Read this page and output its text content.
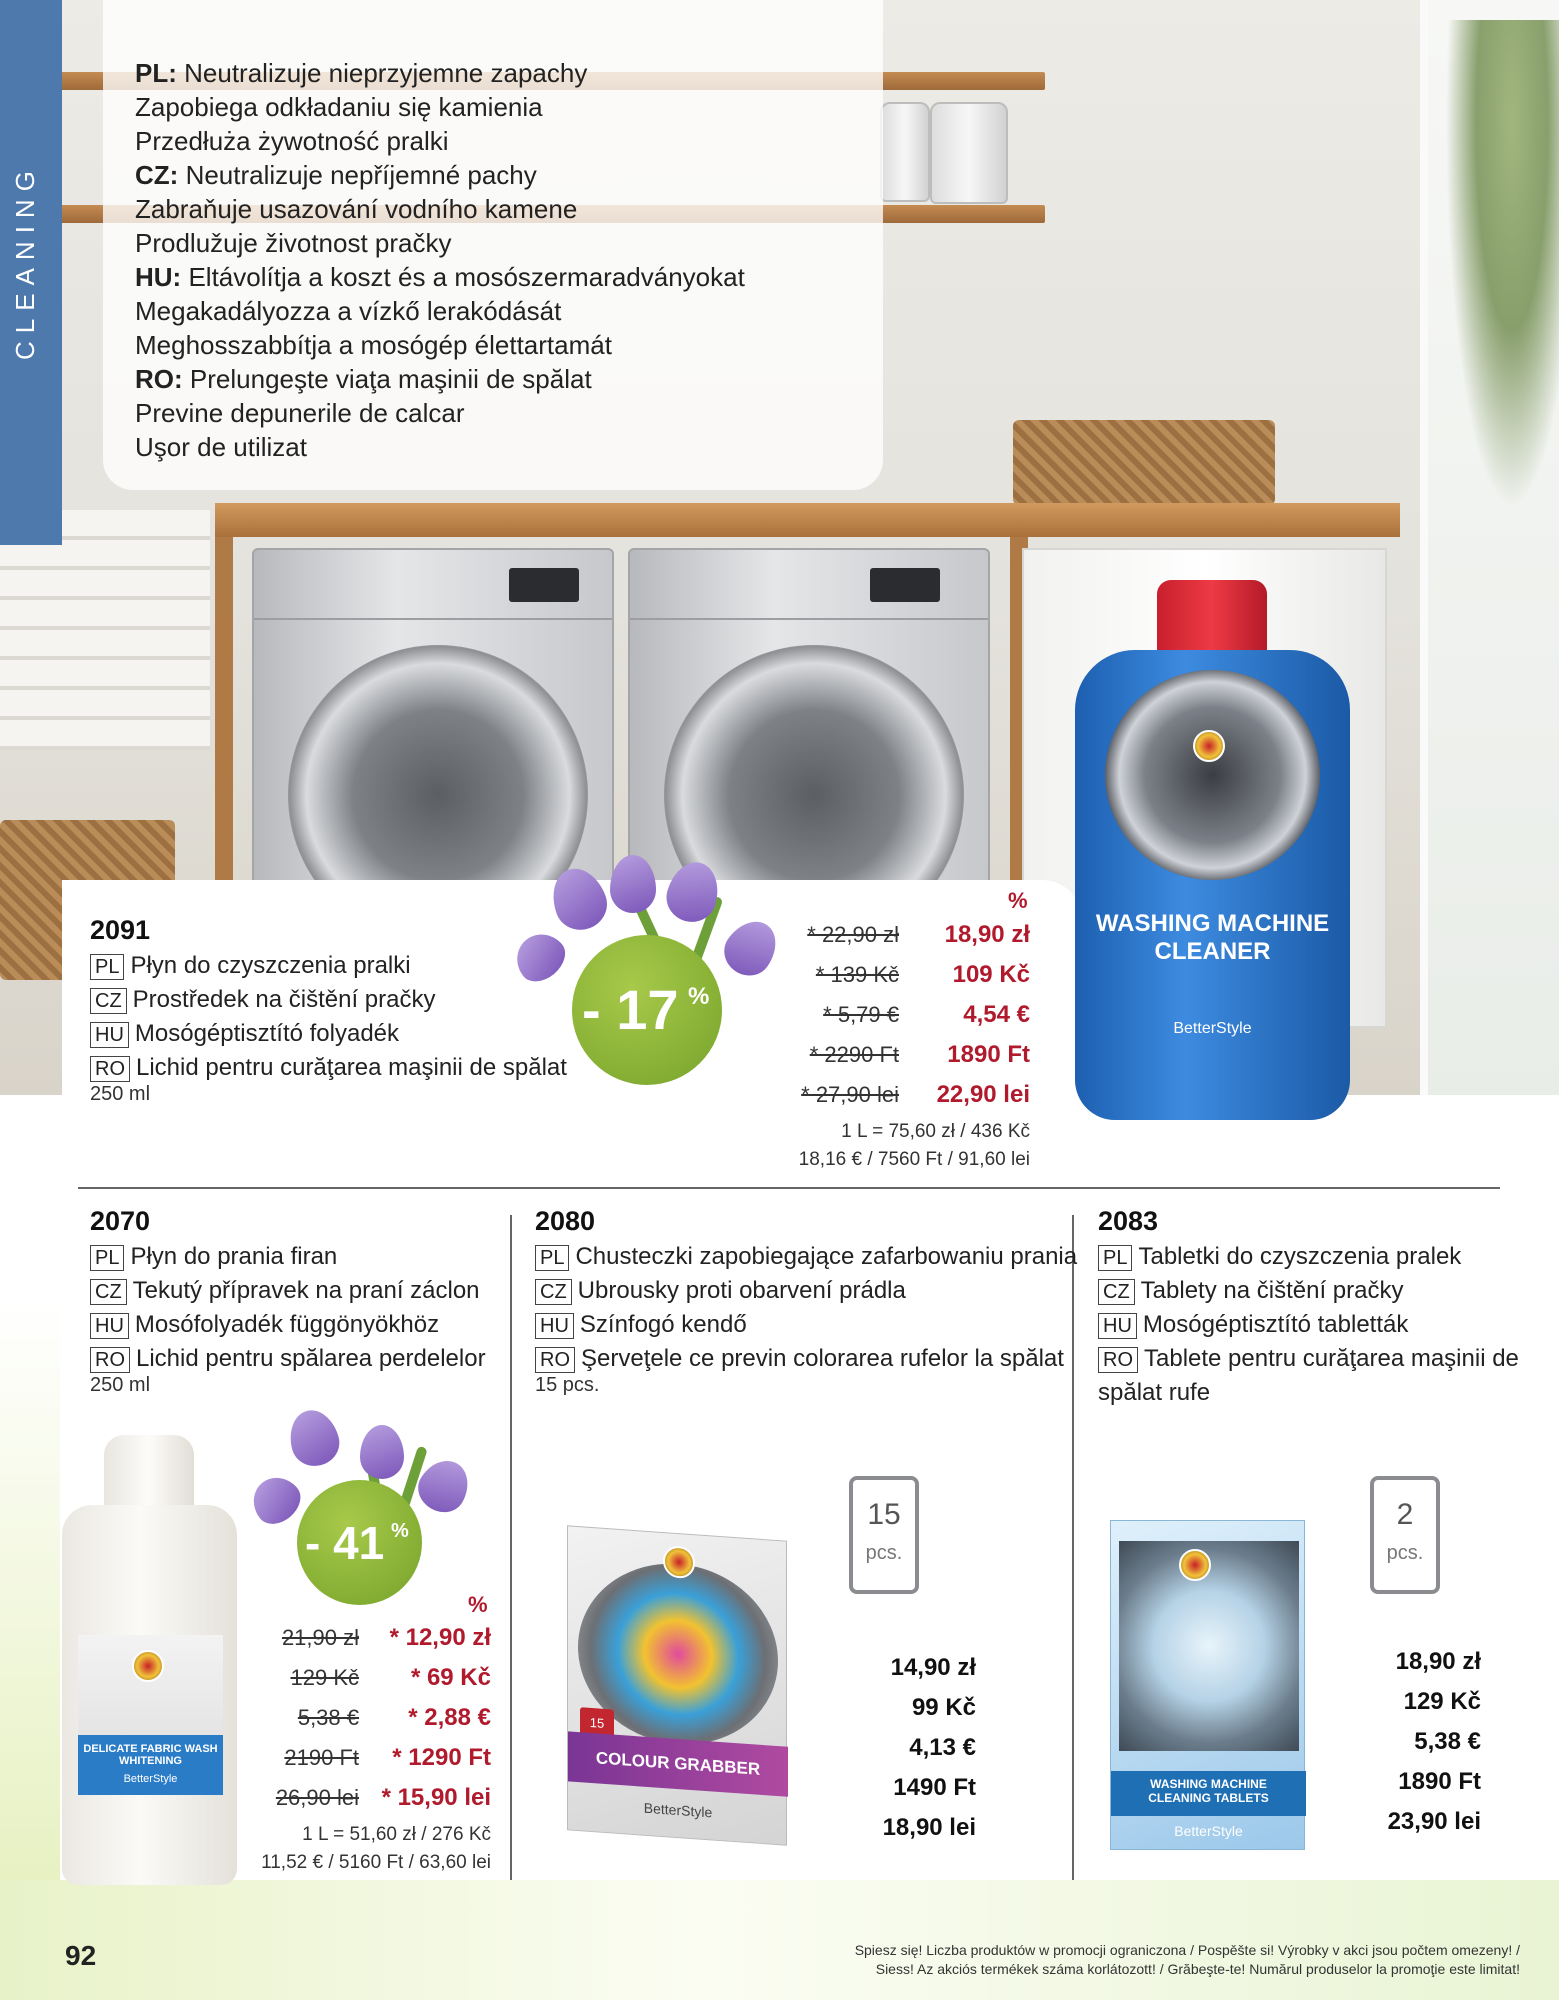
CLEANING

PL: Neutralizuje nieprzyjemne zapachy

Zapobiega odkładaniu się kamienia

Przedłuża żywotność pralki

CZ: Neutralizuje nepříjemné pachy

Zabraňuje usazování vodního kamene

Prodlužuje životnost pračky

HU: Eltávolítja a koszt és a mosószermaradványokat

Megakadályozza a vízkő lerakódását

Meghosszabbítja a mosógép élettartamát

RO: Prelungeşte viaţa maşinii de spălat

Previne depunerile de calcar

Uşor de utilizat

2091
PL Płyn do czyszczenia pralki
CZ Prostředek na čištění pračky
HU Mosógéptisztító folyadék
RO Lichid pentru curăţarea maşinii de spălat
250 ml
- 17 %
%
* 22,90 zł
* 139 Kč
* 5,79 €
* 2290 Ft
* 27,90 lei
18,90 zł
109 Kč
4,54 €
1890 Ft
22,90 lei
1 L = 75,60 zł / 436 Kč
18,16 € / 7560 Ft / 91,60 lei
WASHING MACHINE
CLEANER
BetterStyle
2070
PL Płyn do prania firan
CZ Tekutý přípravek na praní záclon
HU Mosófolyadék függönyökhöz
RO Lichid pentru spălarea perdelelor
250 ml
DELICATE FABRIC WASH
WHITENING
BetterStyle
- 41 %
%
21,90 zł
129 Kč
5,38 €
2190 Ft
26,90 lei
* 12,90 zł
* 69 Kč
* 2,88 €
* 1290 Ft
* 15,90 lei
1 L = 51,60 zł / 276 Kč
11,52 € / 5160 Ft / 63,60 lei
2080
PL Chusteczki zapobiegające zafarbowaniu prania
CZ Ubrousky proti obarvení prádla
HU Színfogó kendő
RO Şerveţele ce previn colorarea rufelor la spălat
15 pcs.
15
pcs.
15
COLOUR GRABBER
BetterStyle
14,90 zł
99 Kč
4,13 €
1490 Ft
18,90 lei
2083
PL Tabletki do czyszczenia pralek
CZ Tablety na čištění pračky
HU Mosógéptisztító tabletták
RO Tablete pentru curăţarea maşinii de
spălat rufe
2
pcs.
WASHING MACHINE
CLEANING TABLETS
BetterStyle
18,90 zł
129 Kč
5,38 €
1890 Ft
23,90 lei
92	Spiesz się! Liczba produktów w promocji ograniczona / Pospěšte si! Výrobky v akci jsou počtem omezeny! /
Siess! Az akciós termékek száma korlátozott! / Grăbeşte-te! Numărul produselor la promoţie este limitat!
